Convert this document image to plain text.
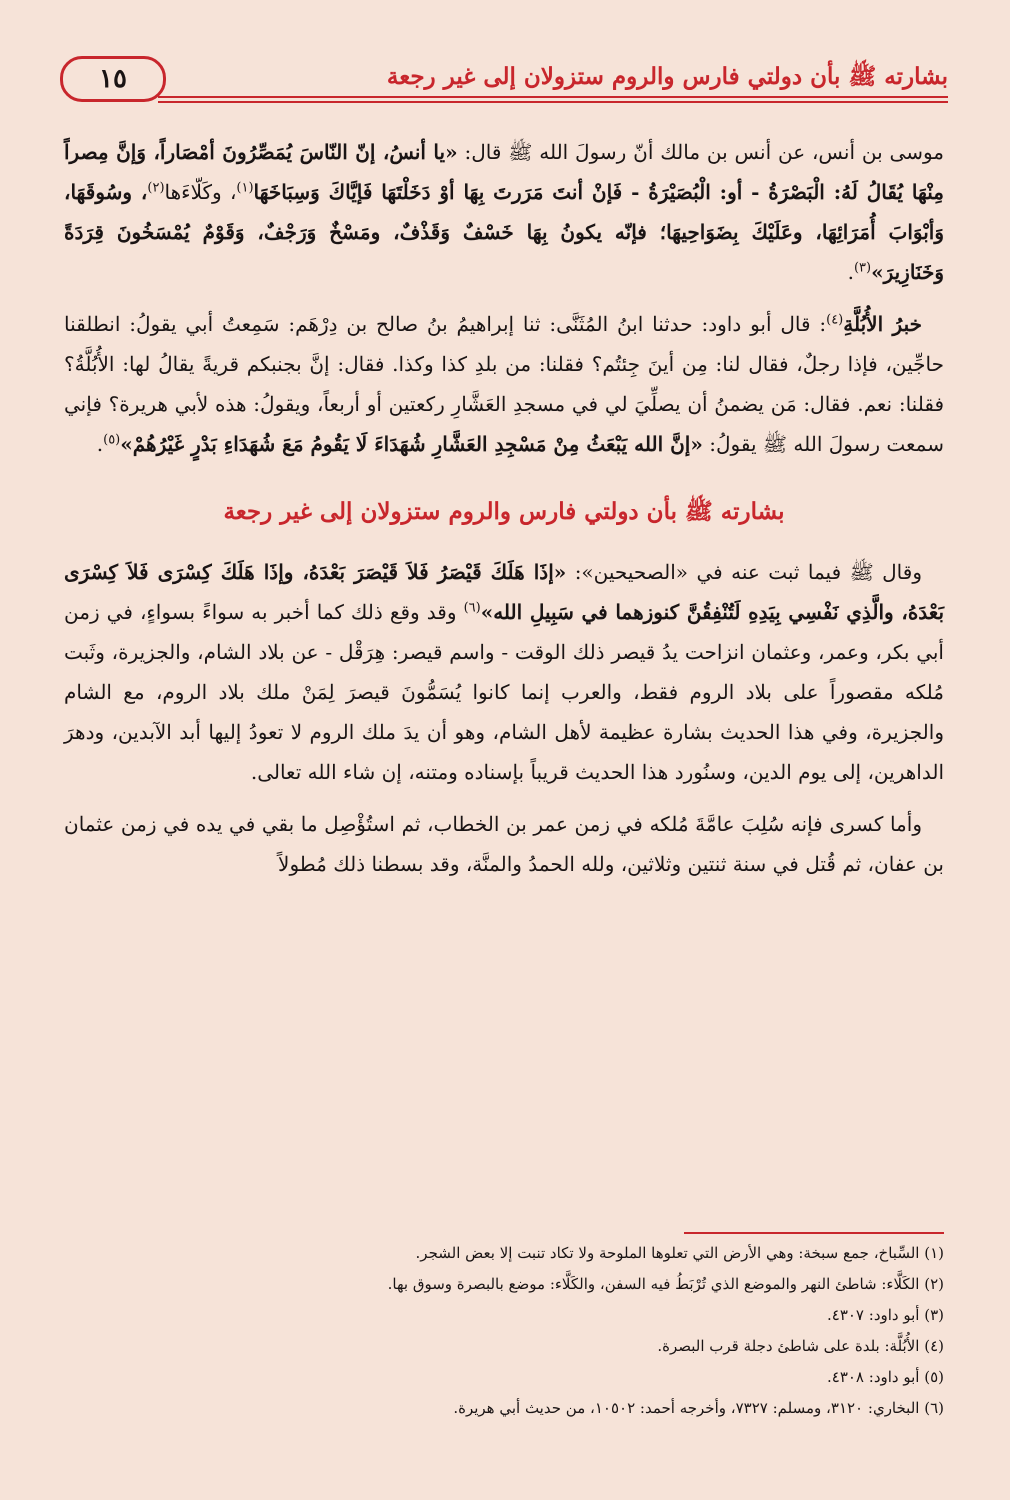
١٥	بشارته ﷺ بأن دولتي فارس والروم ستزولان إلى غير رجعة

موسى بن أنس، عن أنس بن مالك أنّ رسولَ الله ﷺ قال: «يا أنسُ، إنّ النّاسَ يُمَصِّرُونَ أمْصَاراً، وَإنَّ مِصراً مِنْهَا يُقَالُ لَهُ: الْبَصْرَةُ - أو: الْبُصَيْرَةُ - فَإنْ أنتَ مَرَرتَ بِهَا أوْ دَخَلْتَهَا فَإيَّاكَ وَسِبَاخَهَا$^{(١)}$، وكَلّاءَها$^{(٢)}$، وسُوقَهَا، وَأبْوَابَ أُمَرَائِهَا، وعَلَيْكَ بِضَوَاحِيهَا؛ فإنّه يكونُ بِهَا خَسْفٌ وَقَذْفٌ، ومَسْخٌ وَرَجْفٌ، وَقَوْمٌ يُمْسَخُونَ قِرَدَةً وَخَنَازِيرَ»$^{(٣)}$.

خبرُ الأُبُلَّةِ$^{(٤)}$: قال أبو داود: حدثنا ابنُ المُثَنَّى: ثنا إبراهيمُ بنُ صالح بن دِرْهَم: سَمِعتُ أبي يقولُ: انطلقنا حاجِّين، فإذا رجلٌ، فقال لنا: مِن أينَ جِئتُم؟ فقلنا: من بلدِ كذا وكذا. فقال: إنَّ بجنبكم قريةً يقالُ لها: الأُبُلَّةُ؟ فقلنا: نعم. فقال: مَن يضمنُ أن يصلِّيَ لي في مسجدِ العَشَّارِ ركعتين أو أربعاً، ويقولُ: هذه لأبي هريرة؟ فإني سمعت رسولَ الله ﷺ يقولُ: «إنَّ الله يَبْعَثُ مِنْ مَسْجِدِ العَشَّارِ شُهَدَاءَ لَا يَقُومُ مَعَ شُهَدَاءِ بَدْرٍ غَيْرُهُمْ»$^{(٥)}$.

بشارته ﷺ بأن دولتي فارس والروم ستزولان إلى غير رجعة

وقال ﷺ فيما ثبت عنه في «الصحيحين»: «إذَا هَلَكَ قَيْصَرُ فَلاَ قَيْصَرَ بَعْدَهُ، وإذَا هَلَكَ كِسْرَى فَلاَ كِسْرَى بَعْدَهُ، والَّذِي نَفْسِي بِيَدِهِ لَتُنْفِقُنَّ كنوزهما في سَبِيلِ الله»$^{(٦)}$ وقد وقع ذلك كما أخبر به سواءً بسواءٍ، في زمن أبي بكر، وعمر، وعثمان انزاحت يدُ قيصر ذلك الوقت - واسم قيصر: هِرَقْل - عن بلاد الشام، والجزيرة، وثَبت مُلكه مقصوراً على بلاد الروم فقط، والعرب إنما كانوا يُسَمُّونَ قيصرَ لِمَنْ ملك بلاد الروم، مع الشام والجزيرة، وفي هذا الحديث بشارة عظيمة لأهل الشام، وهو أن يدَ ملك الروم لا تعودُ إليها أبد الآبدين، ودهرَ الداهرين، إلى يوم الدين، وسنُورد هذا الحديث قريباً بإسناده ومتنه، إن شاء الله تعالى.

وأما كسرى فإنه سُلِبَ عامَّةَ مُلكه في زمن عمر بن الخطاب، ثم استُؤْصِل ما بقي في يده في زمن عثمان بن عفان، ثم قُتل في سنة ثنتين وثلاثين، ولله الحمدُ والمنَّة، وقد بسطنا ذلك مُطولاً

(١) السِّباخ، جمع سبخة: وهي الأرض التي تعلوها الملوحة ولا تكاد تنبت إلا بعض الشجر.

(٢) الكَلَّاء: شاطئ النهر والموضع الذي تُرْبَطُ فيه السفن، والكَلَّاء: موضع بالبصرة وسوق بها.

(٣) أبو داود: ٤٣٠٧.

(٤) الأُبُلَّة: بلدة على شاطئ دجلة قرب البصرة.

(٥) أبو داود: ٤٣٠٨.

(٦) البخاري: ٣١٢٠، ومسلم: ٧٣٢٧، وأخرجه أحمد: ١٠٥٠٢، من حديث أبي هريرة.
